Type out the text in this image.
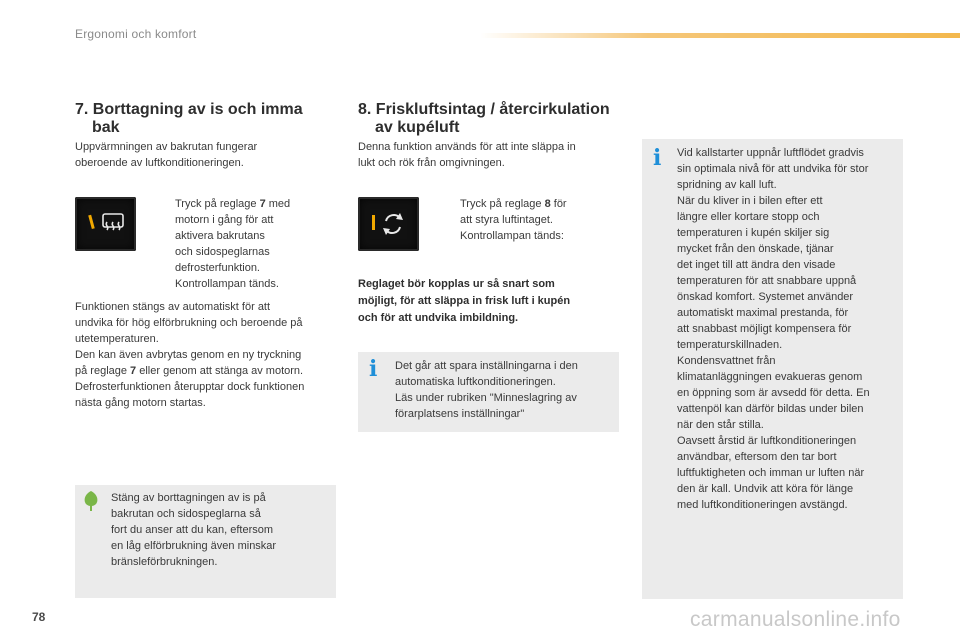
Ergonomi och komfort
7. Borttagning av is och imma
bak
Uppvärmningen av bakrutan fungerar
oberoende av luftkonditioneringen.
Tryck på reglage 7 med
motorn i gång för att
aktivera bakrutans
och sidospeglarnas
defrosterfunktion.
Kontrollampan tänds.
Funktionen stängs av automatiskt för att
undvika för hög elförbrukning och beroende på
utetemperaturen.
Den kan även avbrytas genom en ny tryckning
på reglage 7 eller genom att stänga av motorn.
Defrosterfunktionen återupptar dock funktionen
nästa gång motorn startas.
Stäng av borttagningen av is på
bakrutan och sidospeglarna så
fort du anser att du kan, eftersom
en låg elförbrukning även minskar
bränsleförbrukningen.
8. Friskluftsintag / återcirkulation
av kupéluft
Denna funktion används för att inte släppa in
lukt och rök från omgivningen.
Tryck på reglage 8 för
att styra luftintaget.
Kontrollampan tänds:
Reglaget bör kopplas ur så snart som
möjligt, för att släppa in frisk luft i kupén
och för att undvika imbildning.
i Det går att spara inställningarna i den
automatiska luftkonditioneringen.
Läs under rubriken "Minneslagring av
förarplatsens inställningar"
i Vid kallstarter uppnår luftflödet gradvis
sin optimala nivå för att undvika för stor
spridning av kall luft.
När du kliver in i bilen efter ett
längre eller kortare stopp och
temperaturen i kupén skiljer sig
mycket från den önskade, tjänar
det inget till att ändra den visade
temperaturen för att snabbare uppnå
önskad komfort. Systemet använder
automatiskt maximal prestanda, för
att snabbast möjligt kompensera för
temperaturskillnaden.
Kondensvattnet från
klimatanläggningen evakueras genom
en öppning som är avsedd för detta. En
vattenpöl kan därför bildas under bilen
när den står stilla.
Oavsett årstid är luftkonditioneringen
användbar, eftersom den tar bort
luftfuktigheten och imman ur luften när
den är kall. Undvik att köra för länge
med luftkonditioneringen avstängd.
78	carmanualsonline.info
